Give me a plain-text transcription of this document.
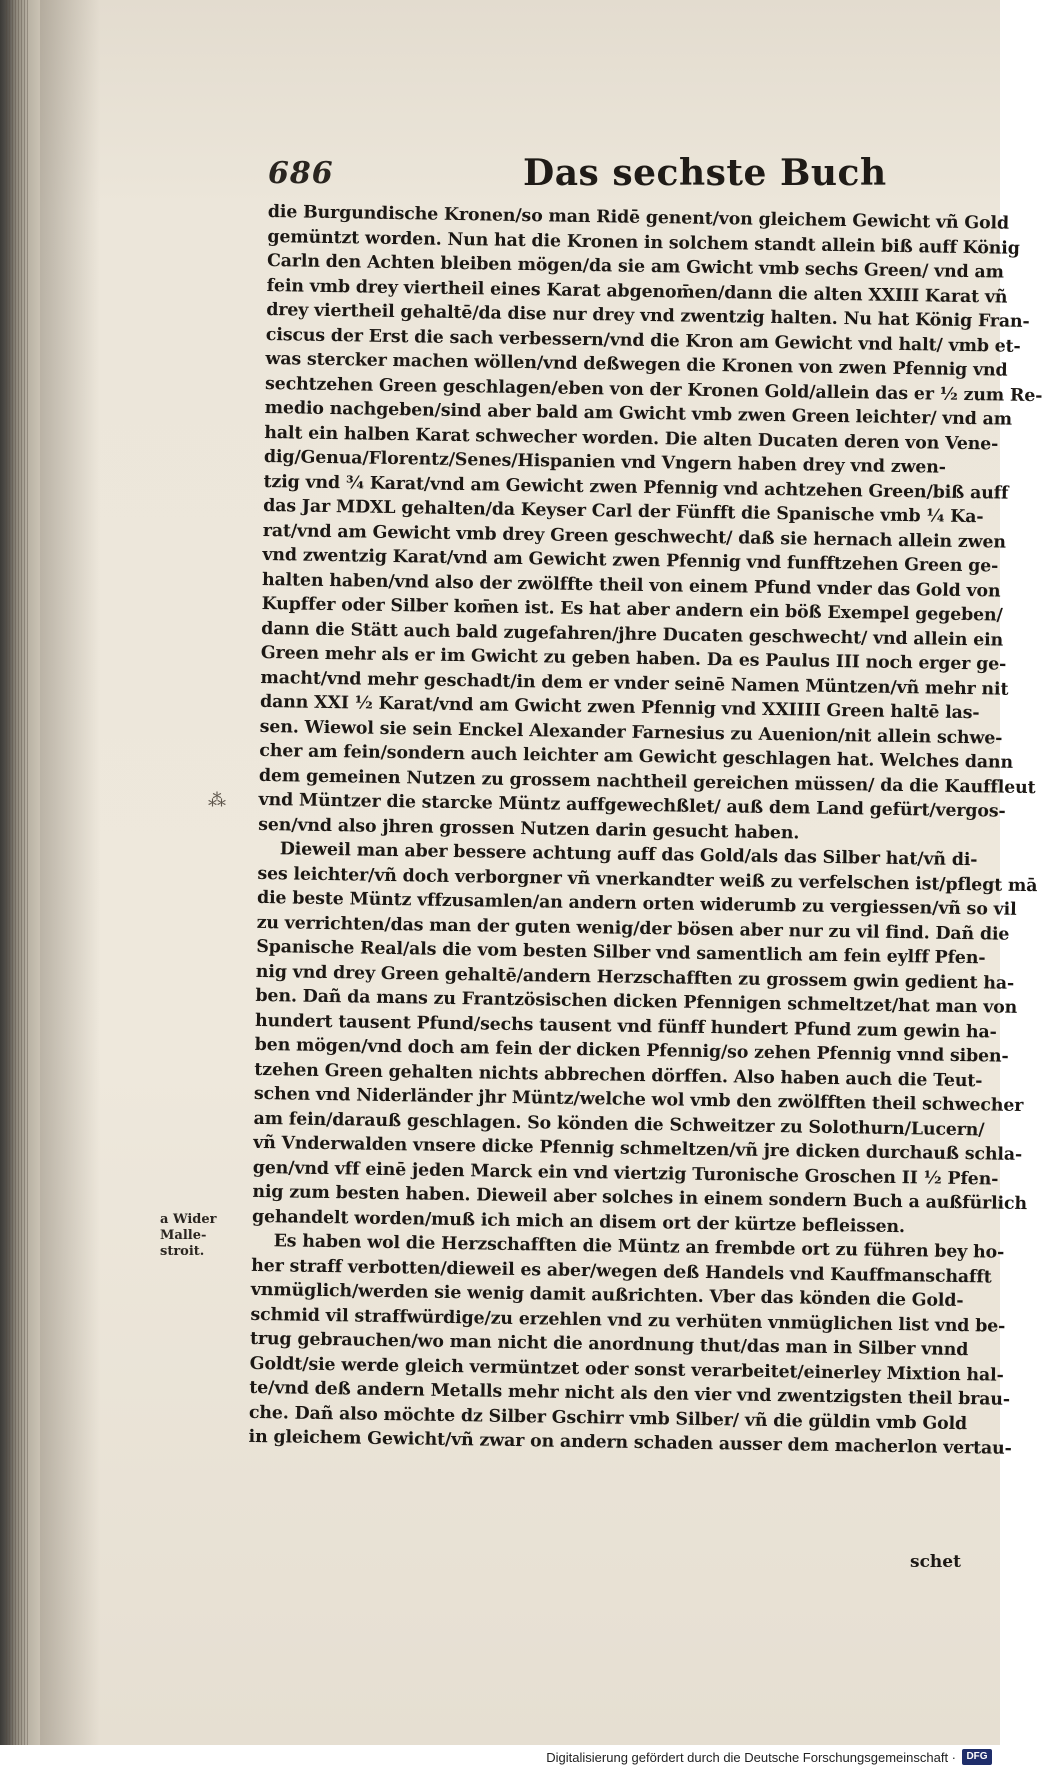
686	Das sechste Buch
⁂

die Burgundische Kronen/so man Ridē genent/von gleichem Gewicht vñ Gold

gemüntzt worden. Nun hat die Kronen in solchem standt allein biß auff König

Carln den Achten bleiben mögen/da sie am Gwicht vmb sechs Green/ vnd am

fein vmb drey viertheil eines Karat abgenom̄en/dann die alten XXIII Karat vñ

drey viertheil gehaltē/da dise nur drey vnd zwentzig halten. Nu hat König Fran-

ciscus der Erst die sach verbessern/vnd die Kron am Gewicht vnd halt/ vmb et-

was stercker machen wöllen/vnd deßwegen die Kronen von zwen Pfennig vnd

sechtzehen Green geschlagen/eben von der Kronen Gold/allein das er ½ zum Re-

medio nachgeben/sind aber bald am Gwicht vmb zwen Green leichter/ vnd am

halt ein halben Karat schwecher worden. Die alten Ducaten deren von Vene-

dig/Genua/Florentz/Senes/Hispanien vnd Vngern haben drey vnd zwen-

tzig vnd ¾ Karat/vnd am Gewicht zwen Pfennig vnd achtzehen Green/biß auff

das Jar MDXL gehalten/da Keyser Carl der Fünfft die Spanische vmb ¼ Ka-

rat/vnd am Gewicht vmb drey Green geschwecht/ daß sie hernach allein zwen

vnd zwentzig Karat/vnd am Gewicht zwen Pfennig vnd funfftzehen Green ge-

halten haben/vnd also der zwölffte theil von einem Pfund vnder das Gold von

Kupffer oder Silber kom̄en ist. Es hat aber andern ein böß Exempel gegeben/

dann die Stätt auch bald zugefahren/jhre Ducaten geschwecht/ vnd allein ein

Green mehr als er im Gwicht zu geben haben. Da es Paulus III noch erger ge-

macht/vnd mehr geschadt/in dem er vnder seinē Namen Müntzen/vñ mehr nit

dann XXI ½ Karat/vnd am Gwicht zwen Pfennig vnd XXIIII Green haltē las-

sen. Wiewol sie sein Enckel Alexander Farnesius zu Auenion/nit allein schwe-

cher am fein/sondern auch leichter am Gewicht geschlagen hat. Welches dann

dem gemeinen Nutzen zu grossem nachtheil gereichen müssen/ da die Kauffleut

vnd Müntzer die starcke Müntz auffgewechßlet/ auß dem Land gefürt/vergos-

sen/vnd also jhren grossen Nutzen darin gesucht haben.

Dieweil man aber bessere achtung auff das Gold/als das Silber hat/vñ di-

ses leichter/vñ doch verborgner vñ vnerkandter weiß zu verfelschen ist/pflegt mā

die beste Müntz vffzusamlen/an andern orten widerumb zu vergiessen/vñ so vil

zu verrichten/das man der guten wenig/der bösen aber nur zu vil find. Dañ die

Spanische Real/als die vom besten Silber vnd samentlich am fein eylff Pfen-

nig vnd drey Green gehaltē/andern Herzschafften zu grossem gwin gedient ha-

ben. Dañ da mans zu Frantzösischen dicken Pfennigen schmeltzet/hat man von

hundert tausent Pfund/sechs tausent vnd fünff hundert Pfund zum gewin ha-

ben mögen/vnd doch am fein der dicken Pfennig/so zehen Pfennig vnnd siben-

tzehen Green gehalten nichts abbrechen dörffen. Also haben auch die Teut-

schen vnd Niderländer jhr Müntz/welche wol vmb den zwölfften theil schwecher

am fein/darauß geschlagen. So könden die Schweitzer zu Solothurn/Lucern/

vñ Vnderwalden vnsere dicke Pfennig schmeltzen/vñ jre dicken durchauß schla-

gen/vnd vff einē jeden Marck ein vnd viertzig Turonische Groschen II ½ Pfen-

nig zum besten haben. Dieweil aber solches in einem sondern Buch a außfürlich

gehandelt worden/muß ich mich an disem ort der kürtze befleissen.

Es haben wol die Herzschafften die Müntz an frembde ort zu führen bey ho-

her straff verbotten/dieweil es aber/wegen deß Handels vnd Kauffmanschafft

vnmüglich/werden sie wenig damit außrichten. Vber das könden die Gold-

schmid vil straffwürdige/zu erzehlen vnd zu verhüten vnmüglichen list vnd be-

trug gebrauchen/wo man nicht die anordnung thut/das man in Silber vnnd

Goldt/sie werde gleich vermüntzet oder sonst verarbeitet/einerley Mixtion hal-

te/vnd deß andern Metalls mehr nicht als den vier vnd zwentzigsten theil brau-

che. Dañ also möchte dz Silber Gschirr vmb Silber/ vñ die güldin vmb Gold

in gleichem Gewicht/vñ zwar on andern schaden ausser dem macherlon vertau-

a Wider Malle-

stroit.

schet
Digitalisierung gefördert durch die Deutsche Forschungsgemeinschaft ·	DFG
